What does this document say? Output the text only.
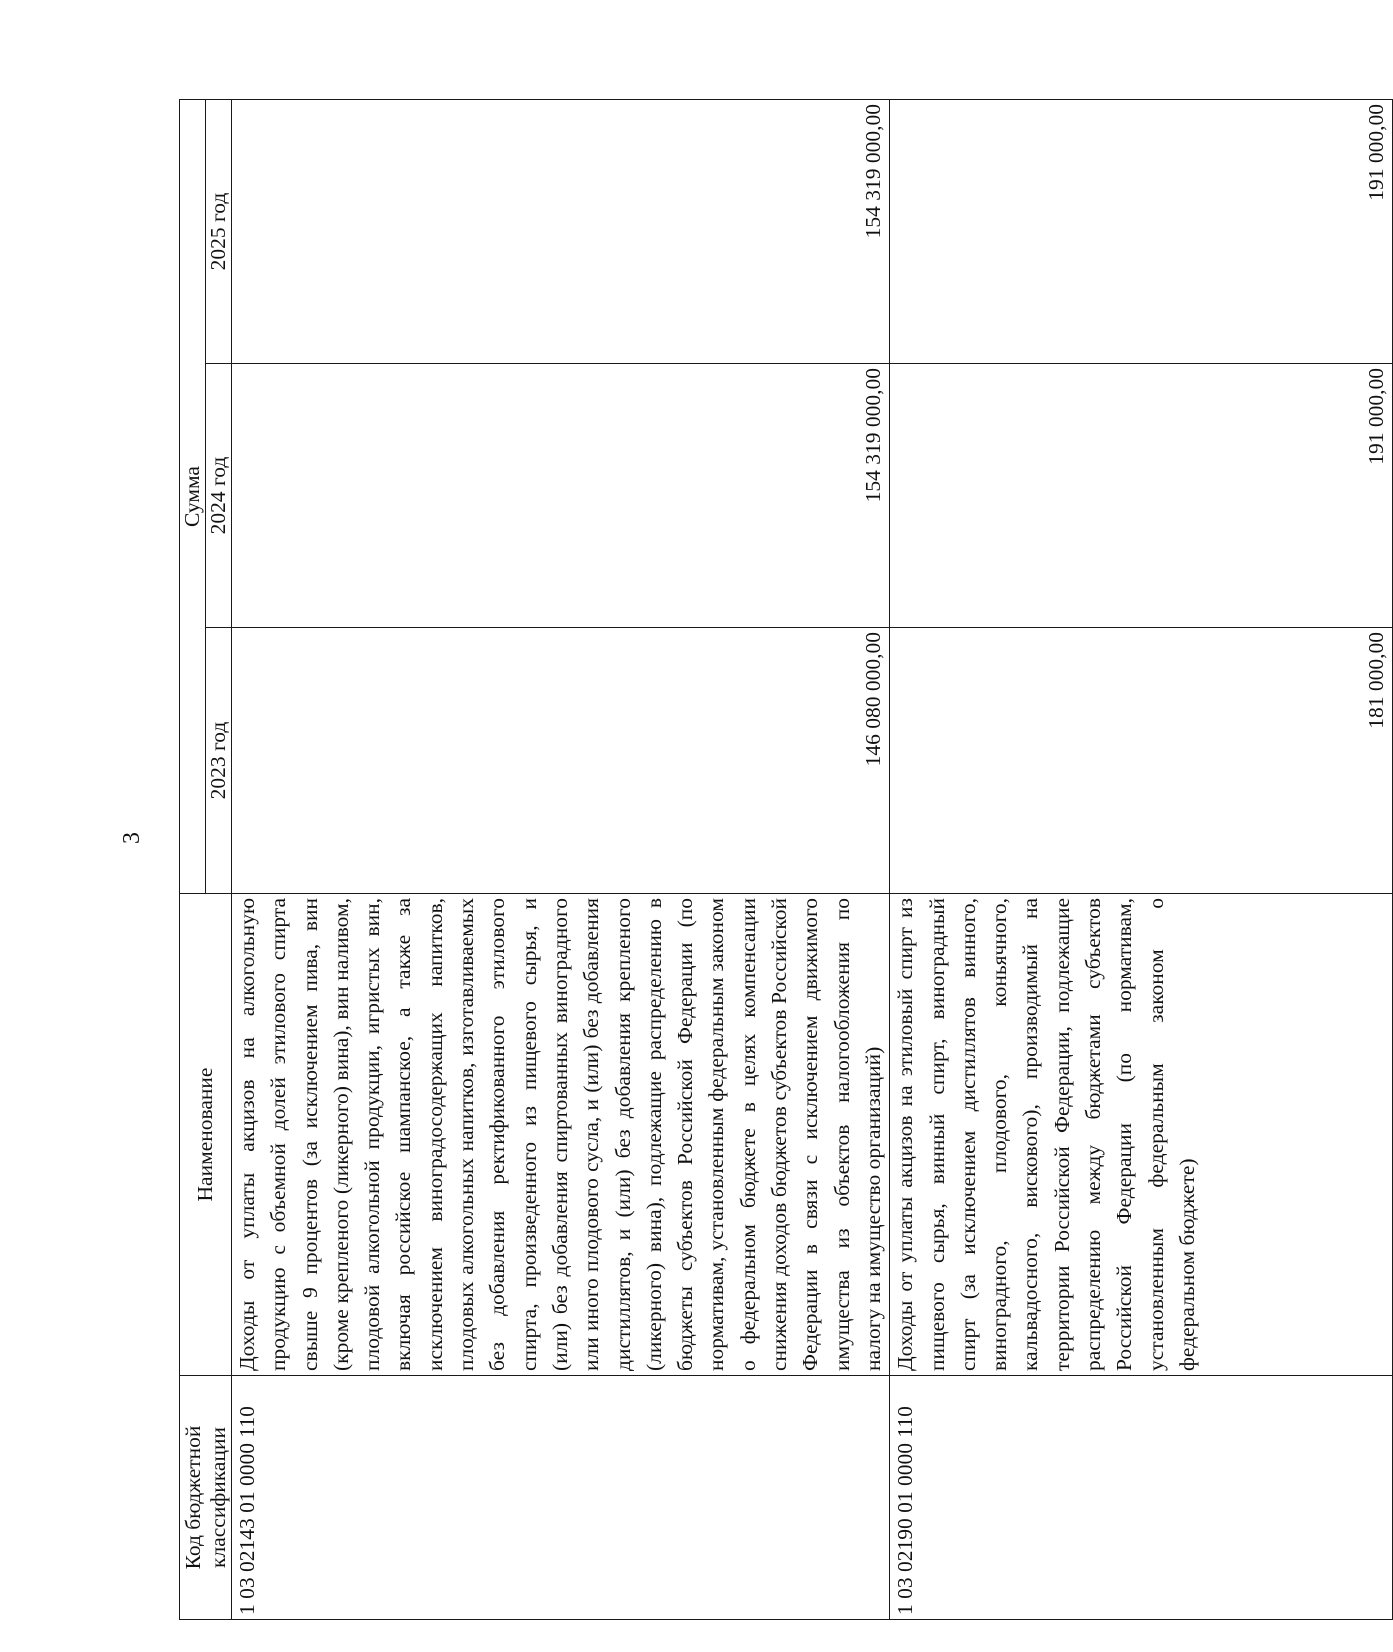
3
Код бюджетной классификации	Наименование	Сумма		
		2023 год	2024 год	2025 год
1 03 02143 01 0000 110	Доходы от уплаты акцизов на алкогольную продукцию с объемной долей этилового спирта свыше 9 процентов (за исключением пива, вин (кроме крепленого (ликерного) вина), вин наливом, плодовой алкогольной продукции, игристых вин, включая российское шампанское, а также за исключением виноградосодержащих напитков, плодовых алкогольных напитков, изготавливаемых без добавления ректификованного этилового спирта, произведенного из пищевого сырья, и (или) без добавления спиртованных виноградного или иного плодового сусла, и (или) без добавления дистиллятов, и (или) без добавления крепленого (ликерного) вина), подлежащие распределению в бюджеты субъектов Российской Федерации (по нормативам, установленным федеральным законом о федеральном бюджете в целях компенсации снижения доходов бюджетов субъектов Российской Федерации в связи с исключением движимого имущества из объектов налогообложения по налогу на имущество организаций)	146 080 000,00	154 319 000,00	154 319 000,00
1 03 02190 01 0000 110	Доходы от уплаты акцизов на этиловый спирт из пищевого сырья, винный спирт, виноградный спирт (за исключением дистиллятов винного, виноградного, плодового, коньячного, кальвадосного, вискового), производимый на территории Российской Федерации, подлежащие распределению между бюджетами субъектов Российской Федерации (по нормативам, установленным федеральным законом о федеральном бюджете)	181 000,00	191 000,00	191 000,00
